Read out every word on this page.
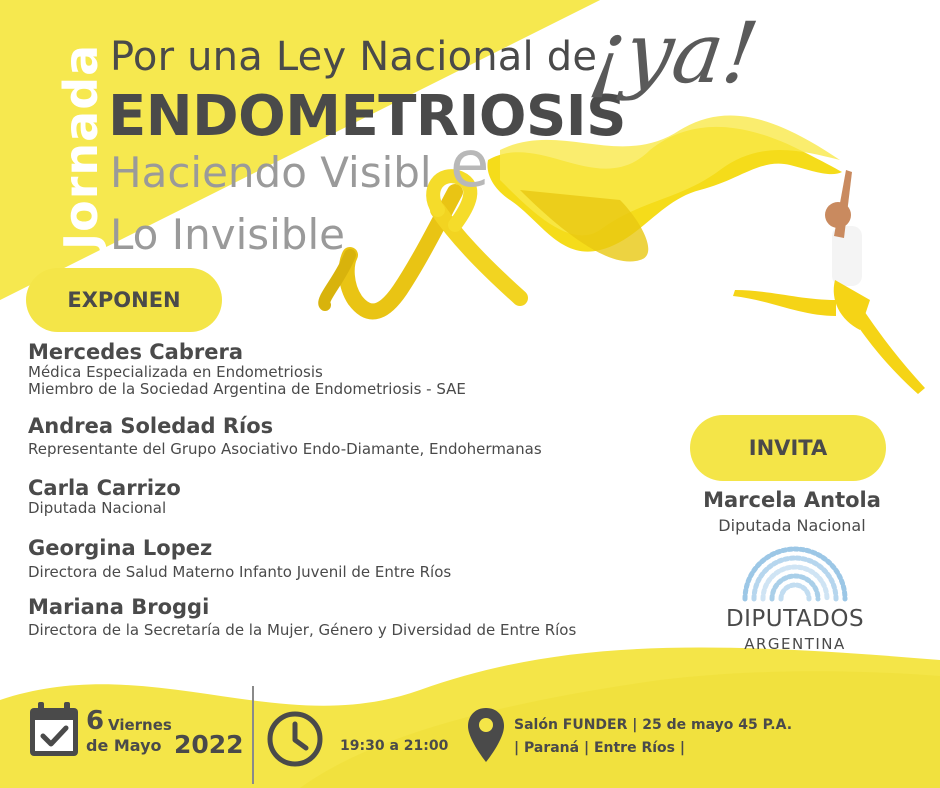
Jornada Por una Ley Nacional de
ENDOMETRIOSIS
Haciendo Visibl e
Lo Invisible
¡ya!
EXPONEN
Mercedes Cabrera
Médica Especializada en Endometriosis
Miembro de la Sociedad Argentina de Endometriosis - SAE
Andrea Soledad Ríos
Representante del Grupo Asociativo Endo-Diamante, Endohermanas
Carla Carrizo
Diputada Nacional
Georgina Lopez
Directora de Salud Materno Infanto Juvenil de Entre Ríos
Mariana Broggi
Directora de la Secretaría de la Mujer, Género y Diversidad de Entre Ríos
INVITA
Marcela Antola
Diputada Nacional
DIPUTADOS
ARGENTINA
6 Viernes
de Mayo 2022	19:30 a 21:00
Salón FUNDER | 25 de mayo 45 P.A.
| Paraná | Entre Ríos |
